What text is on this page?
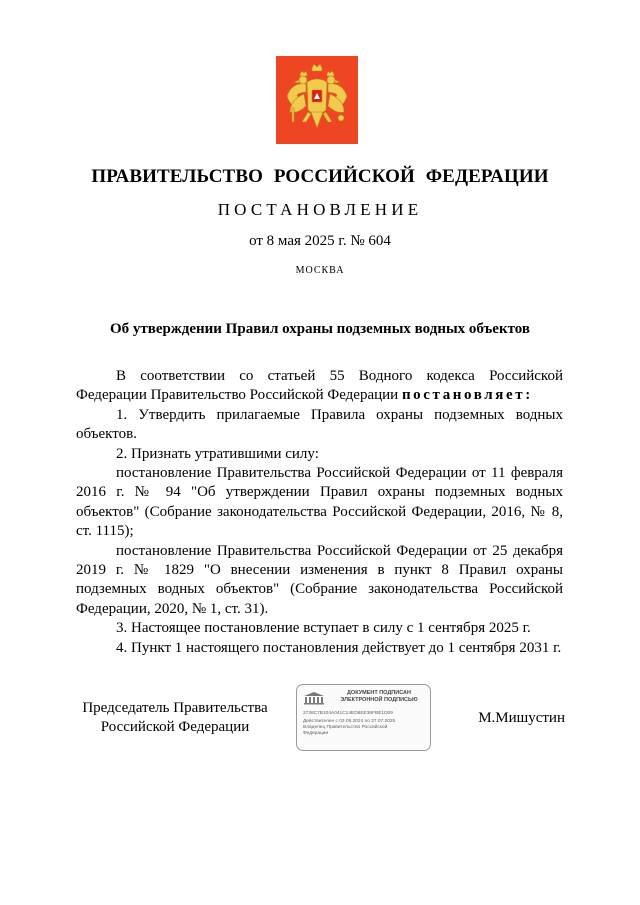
ПРАВИТЕЛЬСТВО РОССИЙСКОЙ ФЕДЕРАЦИИ
ПОСТАНОВЛЕНИЕ
от 8 мая 2025 г. № 604
МОСКВА
Об утверждении Правил охраны подземных водных объектов

В соответствии со статьей 55 Водного кодекса Российской Федерации Правительство Российской Федерации постановляет:

1. Утвердить прилагаемые Правила охраны подземных водных объектов.

2. Признать утратившими силу:

постановление Правительства Российской Федерации от 11 февраля 2016 г. № 94 "Об утверждении Правил охраны подземных водных объектов" (Собрание законодательства Российской Федерации, 2016, № 8, ст. 1115);

постановление Правительства Российской Федерации от 25 декабря 2019 г. № 1829 "О внесении изменения в пункт 8 Правил охраны подземных водных объектов" (Собрание законодательства Российской Федерации, 2020, № 1, ст. 31).

3. Настоящее постановление вступает в силу с 1 сентября 2025 г.

4. Пункт 1 настоящего постановления действует до 1 сентября 2031 г.

Председатель Правительства
Российской Федерации
ДОКУМЕНТ ПОДПИСАН
ЭЛЕКТРОННОЙ ПОДПИСЬЮ
2726C7B104A041C14ED8EE36FBE1D09
Действителен с 03.05.2024 по 27.07.2025
Владелец Правительство Российской
Федерации
М.Мишустин
